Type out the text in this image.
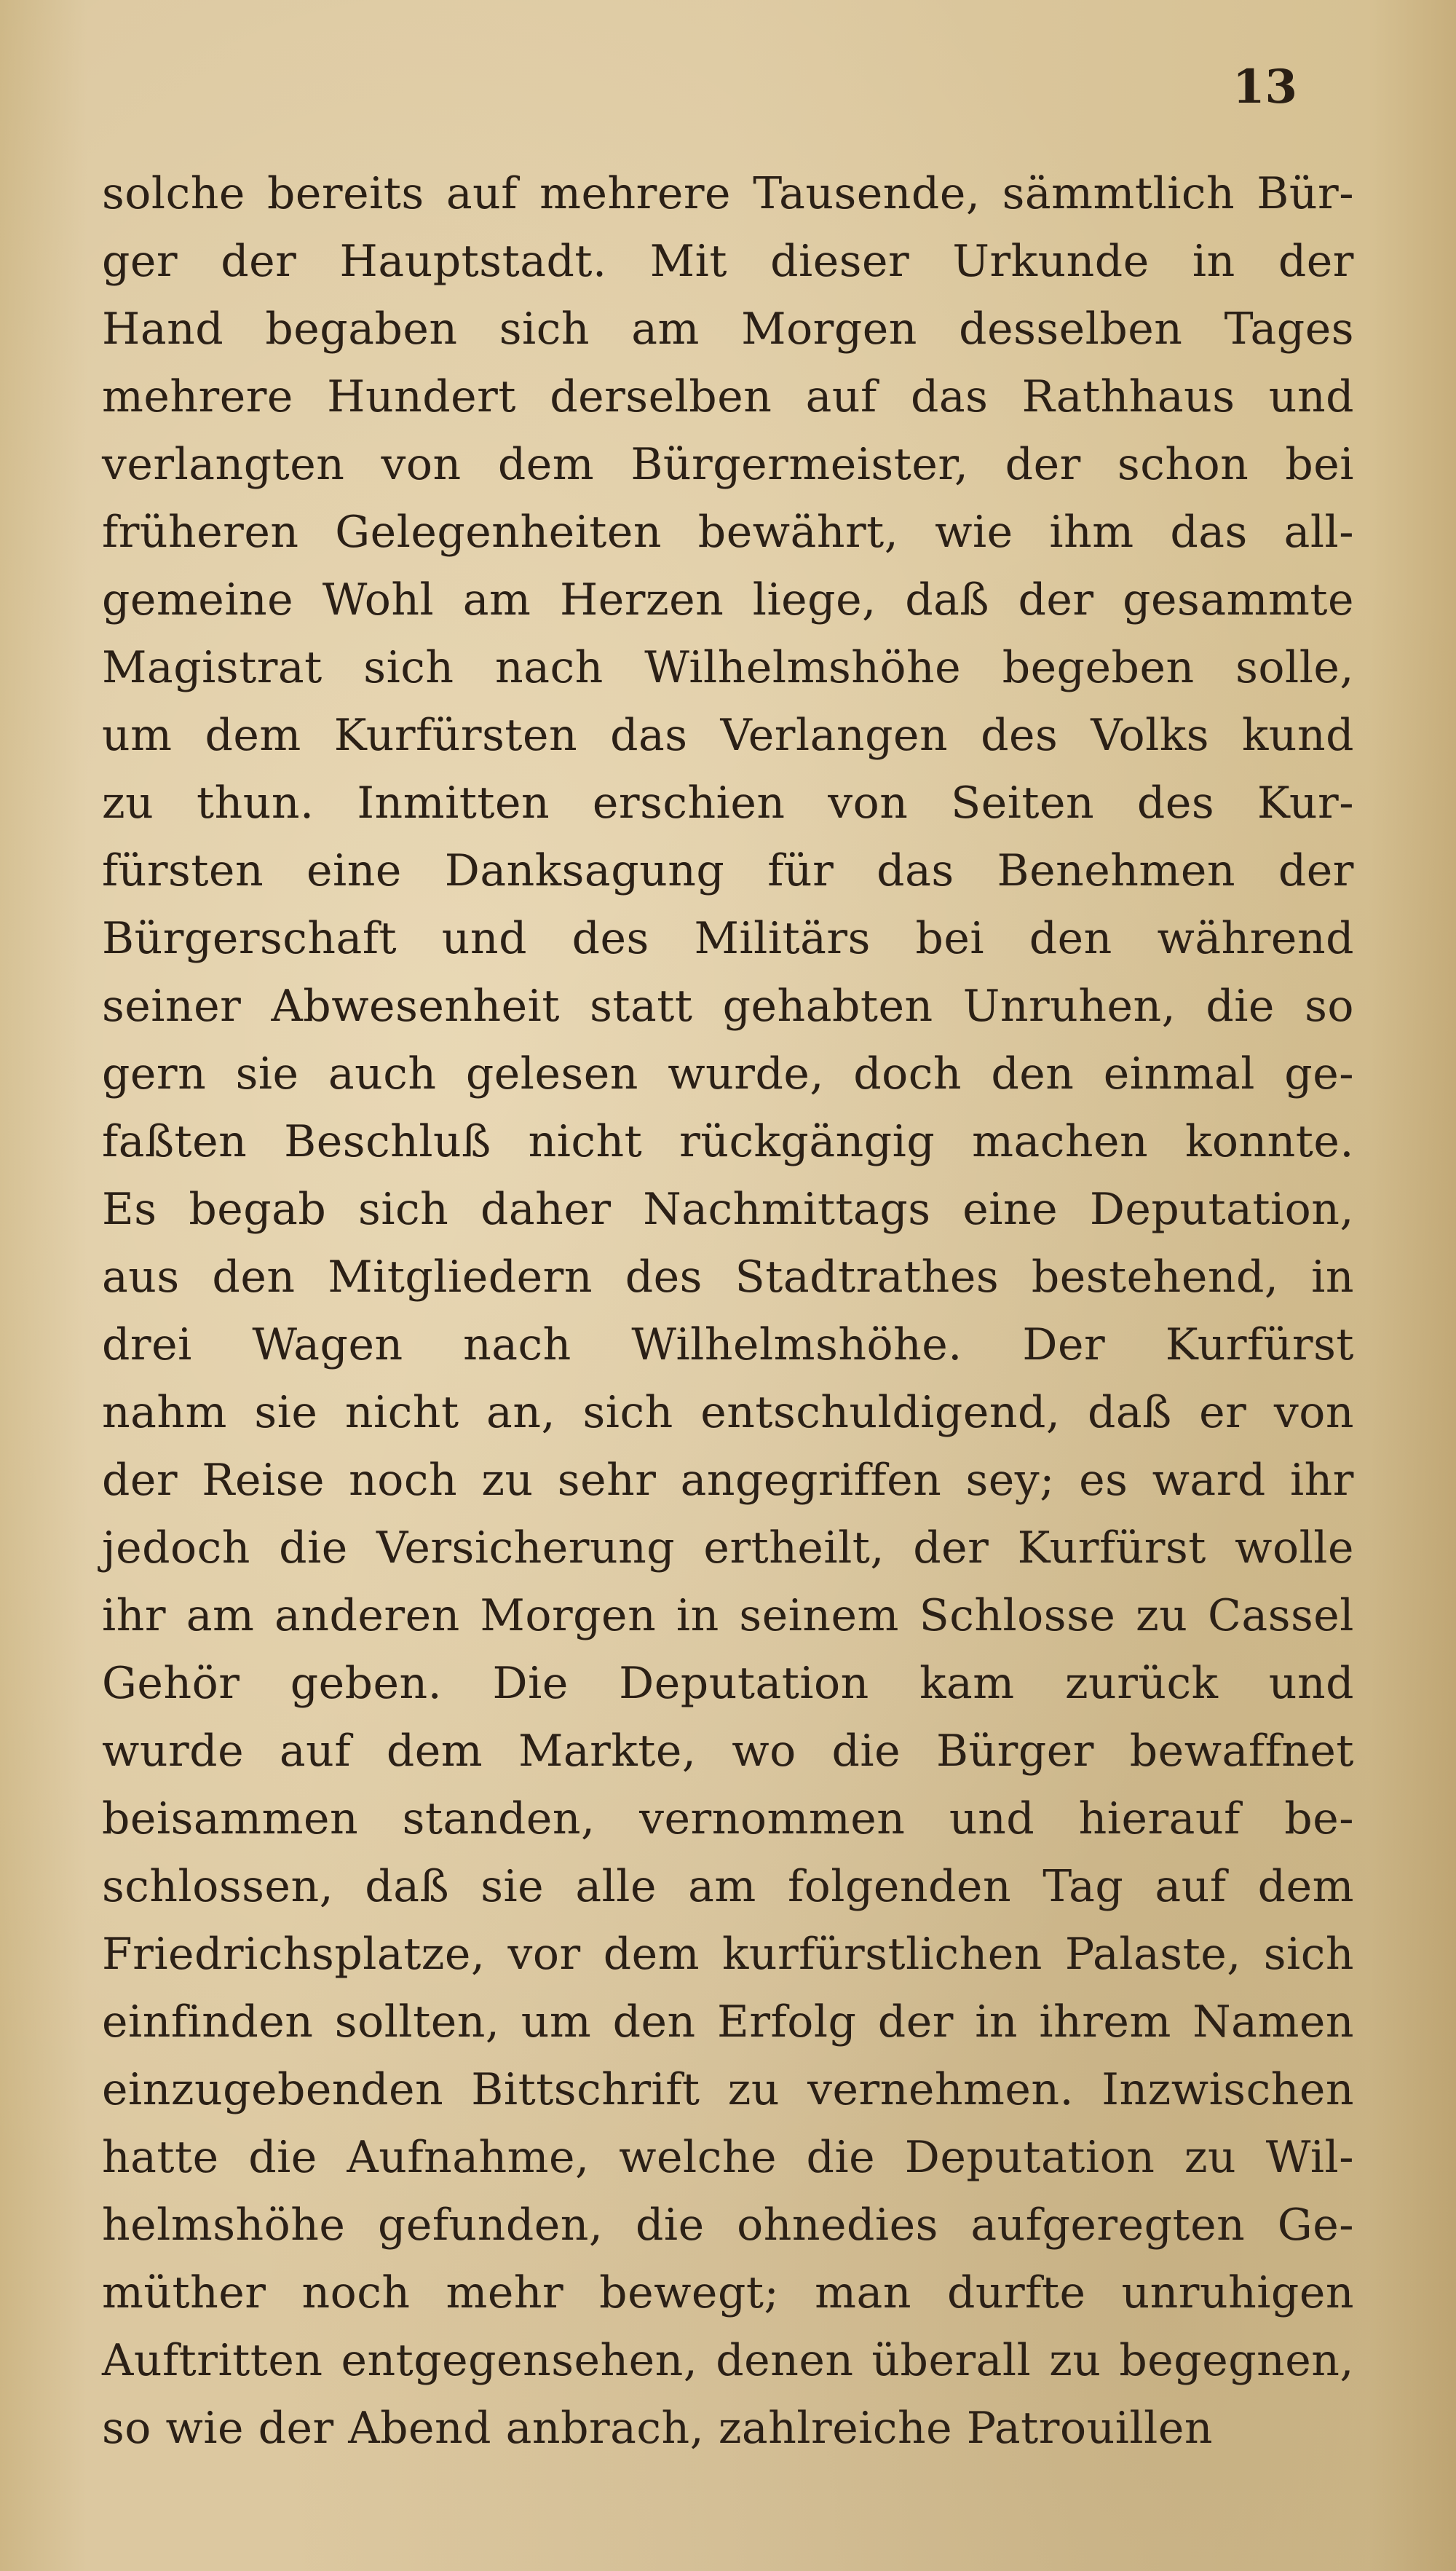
13
solche bereits auf mehrere Tausende, sämmtlich Bür-
ger der Hauptstadt. Mit dieser Urkunde in der
Hand begaben sich am Morgen desselben Tages
mehrere Hundert derselben auf das Rathhaus und
verlangten von dem Bürgermeister, der schon bei
früheren Gelegenheiten bewährt, wie ihm das all-
gemeine Wohl am Herzen liege, daß der gesammte
Magistrat sich nach Wilhelmshöhe begeben solle,
um dem Kurfürsten das Verlangen des Volks kund
zu thun. Inmitten erschien von Seiten des Kur-
fürsten eine Danksagung für das Benehmen der
Bürgerschaft und des Militärs bei den während
seiner Abwesenheit statt gehabten Unruhen, die so
gern sie auch gelesen wurde, doch den einmal ge-
faßten Beschluß nicht rückgängig machen konnte.
Es begab sich daher Nachmittags eine Deputation,
aus den Mitgliedern des Stadtrathes bestehend, in
drei Wagen nach Wilhelmshöhe. Der Kurfürst
nahm sie nicht an, sich entschuldigend, daß er von
der Reise noch zu sehr angegriffen sey; es ward ihr
jedoch die Versicherung ertheilt, der Kurfürst wolle
ihr am anderen Morgen in seinem Schlosse zu Cassel
Gehör geben. Die Deputation kam zurück und
wurde auf dem Markte, wo die Bürger bewaffnet
beisammen standen, vernommen und hierauf be-
schlossen, daß sie alle am folgenden Tag auf dem
Friedrichsplatze, vor dem kurfürstlichen Palaste, sich
einfinden sollten, um den Erfolg der in ihrem Namen
einzugebenden Bittschrift zu vernehmen. Inzwischen
hatte die Aufnahme, welche die Deputation zu Wil-
helmshöhe gefunden, die ohnedies aufgeregten Ge-
müther noch mehr bewegt; man durfte unruhigen
Auftritten entgegensehen, denen überall zu begegnen,
so wie der Abend anbrach, zahlreiche Patrouillen
